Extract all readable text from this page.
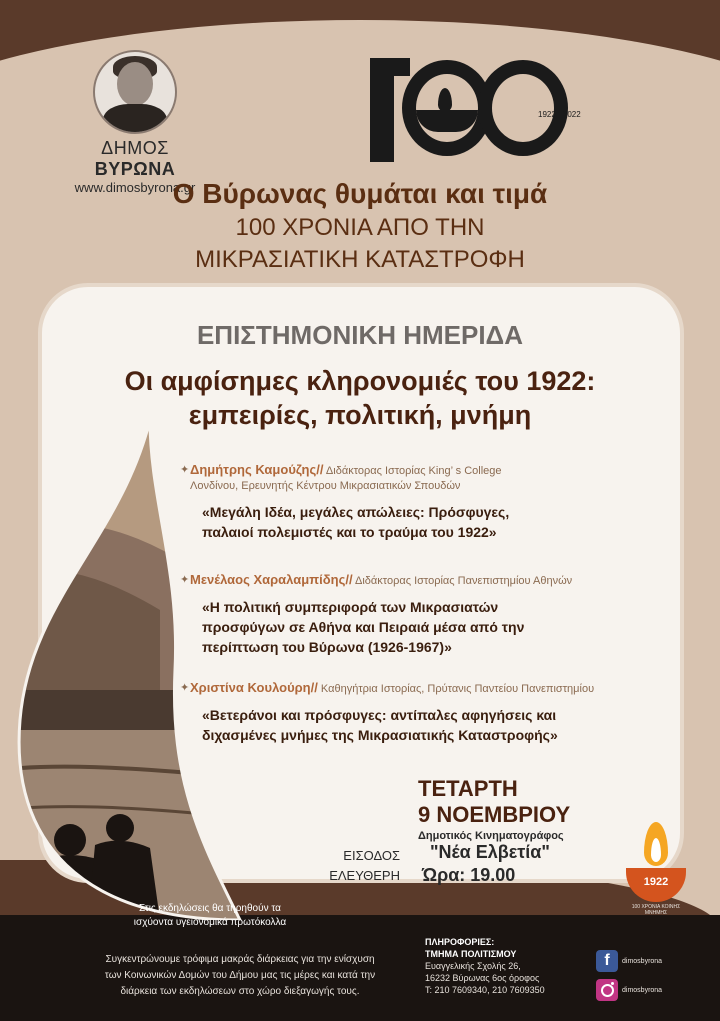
ΔΗΜΟΣ ΒΥΡΩΝΑ
www.dimosbyrona.gr
1922 - 2022
Ο Βύρωνας θυμάται και τιμά
100 ΧΡΟΝΙΑ ΑΠΟ ΤΗΝ
ΜΙΚΡΑΣΙΑΤΙΚΗ ΚΑΤΑΣΤΡΟΦΗ
ΕΠΙΣΤΗΜΟΝΙΚΗ ΗΜΕΡΙΔΑ
Οι αμφίσημες κληρονομιές του 1922:
εμπειρίες, πολιτική, μνήμη
✦ Δημήτρης Καμούζης// Διδάκτορας Ιστορίας King’ s College
Λονδίνου, Ερευνητής Κέντρου Μικρασιατικών Σπουδών
«Μεγάλη Ιδέα, μεγάλες απώλειες: Πρόσφυγες,
παλαιοί πολεμιστές και το τραύμα του 1922»
✦ Μενέλαος Χαραλαμπίδης// Διδάκτορας Ιστορίας Πανεπιστημίου Αθηνών
«Η πολιτική συμπεριφορά των Μικρασιατών
προσφύγων σε Αθήνα και Πειραιά μέσα από την
περίπτωση του Βύρωνα (1926-1967)»
✦ Χριστίνα Κουλούρη// Καθηγήτρια Ιστορίας, Πρύτανις Παντείου Πανεπιστημίου
«Βετεράνοι και πρόσφυγες: αντίπαλες αφηγήσεις και
διχασμένες μνήμες της Μικρασιατικής Καταστροφής»
ΤΕΤΑΡΤΗ
9 ΝΟΕΜΒΡΙΟΥ
Δημοτικός Κινηματογράφος
"Νέα Ελβετία"
Ώρα: 19.00
ΕΙΣΟΔΟΣ
ΕΛΕΥΘΕΡΗ	1922
100 ΧΡΟΝΙΑ ΚΟΙΝΗΣ ΜΝΗΜΗΣ
Στις εκδηλώσεις θα τηρηθούν τα
ισχύοντα υγειονομικά πρωτόκολλα
Συγκεντρώνουμε τρόφιμα μακράς διάρκειας για την ενίσχυση
των Κοινωνικών Δομών του Δήμου μας τις μέρες και κατά την
διάρκεια των εκδηλώσεων στο χώρο διεξαγωγής τους.
ΠΛΗΡΟΦΟΡΙΕΣ:
ΤΜΗΜΑ ΠΟΛΙΤΙΣΜΟΥ
Ευαγγελικής Σχολής 26,
16232 Βύρωνας 6ος όροφος
Τ: 210 7609340, 210 7609350
f dimosbyrona
dimosbyrona
